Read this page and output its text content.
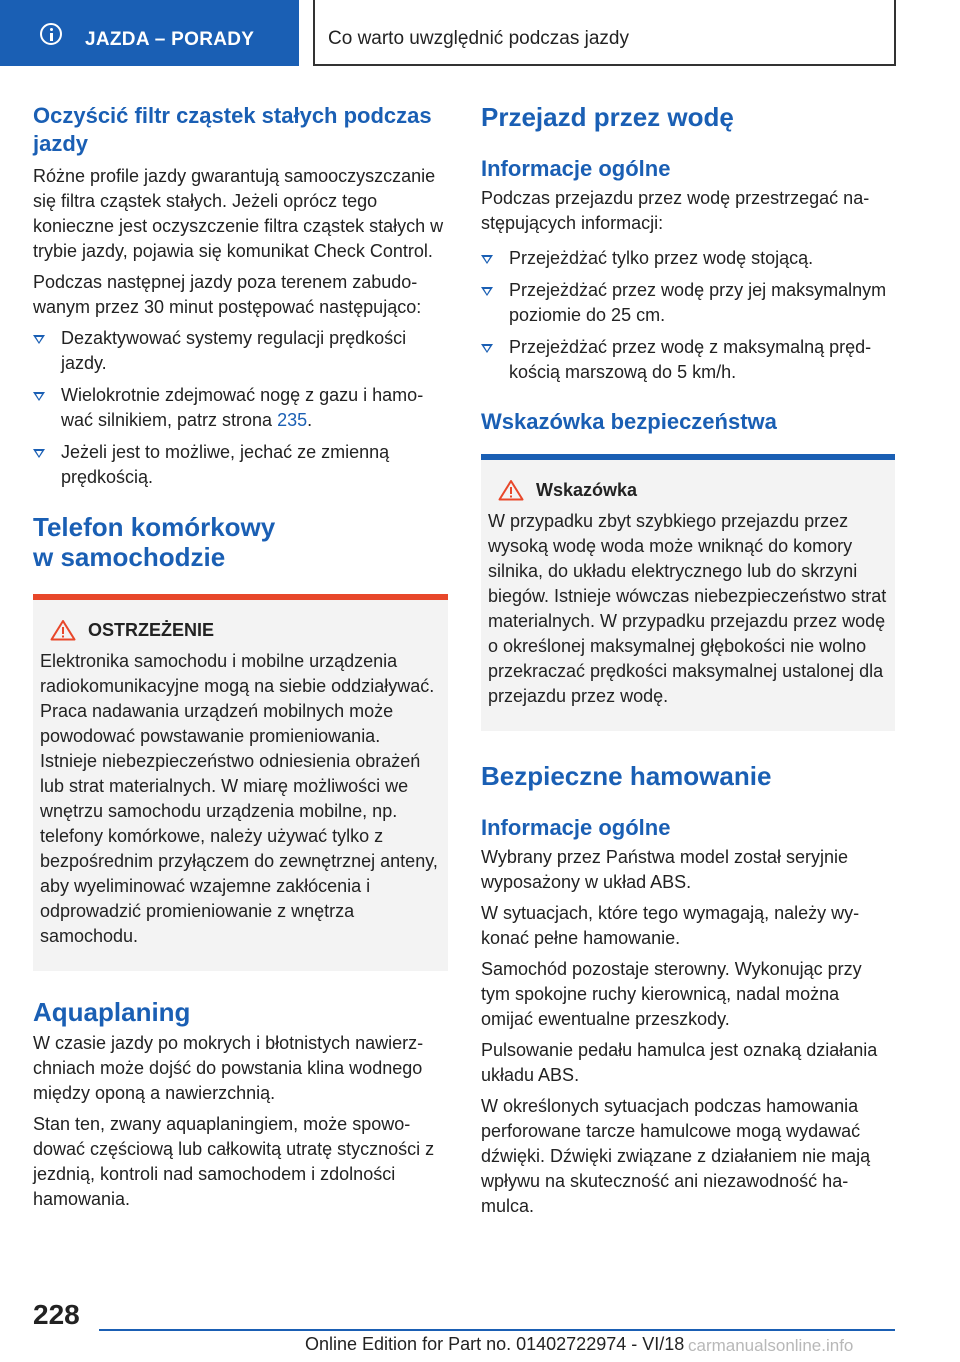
JAZDA – PORADY	Co warto uwzględnić podczas jazdy
Oczyścić filtr cząstek stałych podczas jazdy

Różne profile jazdy gwarantują samooczyszczanie się filtra cząstek stałych. Jeżeli oprócz tego konieczne jest oczyszczenie filtra cząstek stałych w trybie jazdy, pojawia się komunikat Check Control.

Podczas następnej jazdy poza terenem zabudowanym przez 30 minut postępować następująco:

Dezaktywować systemy regulacji prędkości jazdy.
Wielokrotnie zdejmować nogę z gazu i hamować silnikiem, patrz strona 235.
Jeżeli jest to możliwe, jechać ze zmienną prędkością.
Telefon komórkowy
w samochodzie
OSTRZEŻENIE
Elektronika samochodu i mobilne urządzenia radiokomunikacyjne mogą na siebie oddziaływać. Praca nadawania urządzeń mobilnych może powodować powstawanie promieniowania. Istnieje niebezpieczeństwo odniesienia obrażeń lub strat materialnych. W miarę możliwości we wnętrzu samochodu urządzenia mobilne, np. telefony komórkowe, należy używać tylko z bezpośrednim przyłączem do zewnętrznej anteny, aby wyeliminować wzajemne zakłócenia i odprowadzić promieniowanie z wnętrza samochodu.
Aquaplaning

W czasie jazdy po mokrych i błotnistych nawierzchniach może dojść do powstania klina wodnego między oponą a nawierzchnią.

Stan ten, zwany aquaplaningiem, może spowodować częściową lub całkowitą utratę styczności z jezdnią, kontroli nad samochodem i zdolności hamowania.

Przejazd przez wodę
Informacje ogólne

Podczas przejazdu przez wodę przestrzegać następujących informacji:

Przejeżdżać tylko przez wodę stojącą.
Przejeżdżać przez wodę przy jej maksymalnym poziomie do 25 cm.
Przejeżdżać przez wodę z maksymalną prędkością marszową do 5 km/h.
Wskazówka bezpieczeństwa
Wskazówka
W przypadku zbyt szybkiego przejazdu przez wysoką wodę woda może wniknąć do komory silnika, do układu elektrycznego lub do skrzyni biegów. Istnieje wówczas niebezpieczeństwo strat materialnych. W przypadku przejazdu przez wodę o określonej maksymalnej głębokości nie wolno przekraczać prędkości maksymalnej ustalonej dla przejazdu przez wodę.
Bezpieczne hamowanie
Informacje ogólne

Wybrany przez Państwa model został seryjnie wyposażony w układ ABS.

W sytuacjach, które tego wymagają, należy wykonać pełne hamowanie.

Samochód pozostaje sterowny. Wykonując przy tym spokojne ruchy kierownicą, nadal można omijać ewentualne przeszkody.

Pulsowanie pedału hamulca jest oznaką działania układu ABS.

W określonych sytuacjach podczas hamowania perforowane tarcze hamulcowe mogą wydawać dźwięki. Dźwięki związane z działaniem nie mają wpływu na skuteczność ani niezawodność hamulca.

228
Online Edition for Part no. 01402722974 - VI/18 carmanualsonline.info
